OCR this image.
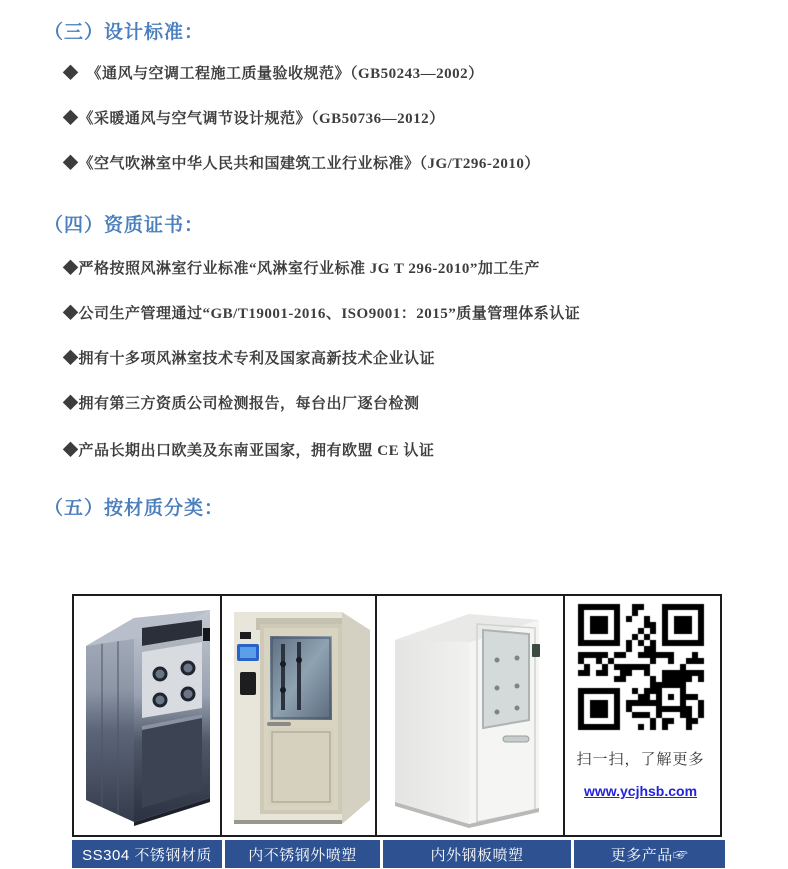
（三）设计标准：

◆　《通风与空调工程施工质量验收规范》（GB50243—2002）

◆《采暖通风与空气调节设计规范》（GB50736—2012）

◆《空气吹淋室中华人民共和国建筑工业行业标准》（JG/T296-2010）

（四）资质证书：

◆严格按照风淋室行业标准“风淋室行业标准 JG T 296-2010”加工生产

◆公司生产管理通过“GB/T19001-2016、ISO9001：2015”质量管理体系认证

◆拥有十多项风淋室技术专利及国家高新技术企业认证

◆拥有第三方资质公司检测报告，每台出厂逐台检测

◆产品长期出口欧美及东南亚国家，拥有欧盟 CE 认证

（五）按材质分类：
扫一扫，了解更多
www.ycjhsb.com
SS304 不锈钢材质	内不锈钢外喷塑	内外钢板喷塑	更多产品☞
